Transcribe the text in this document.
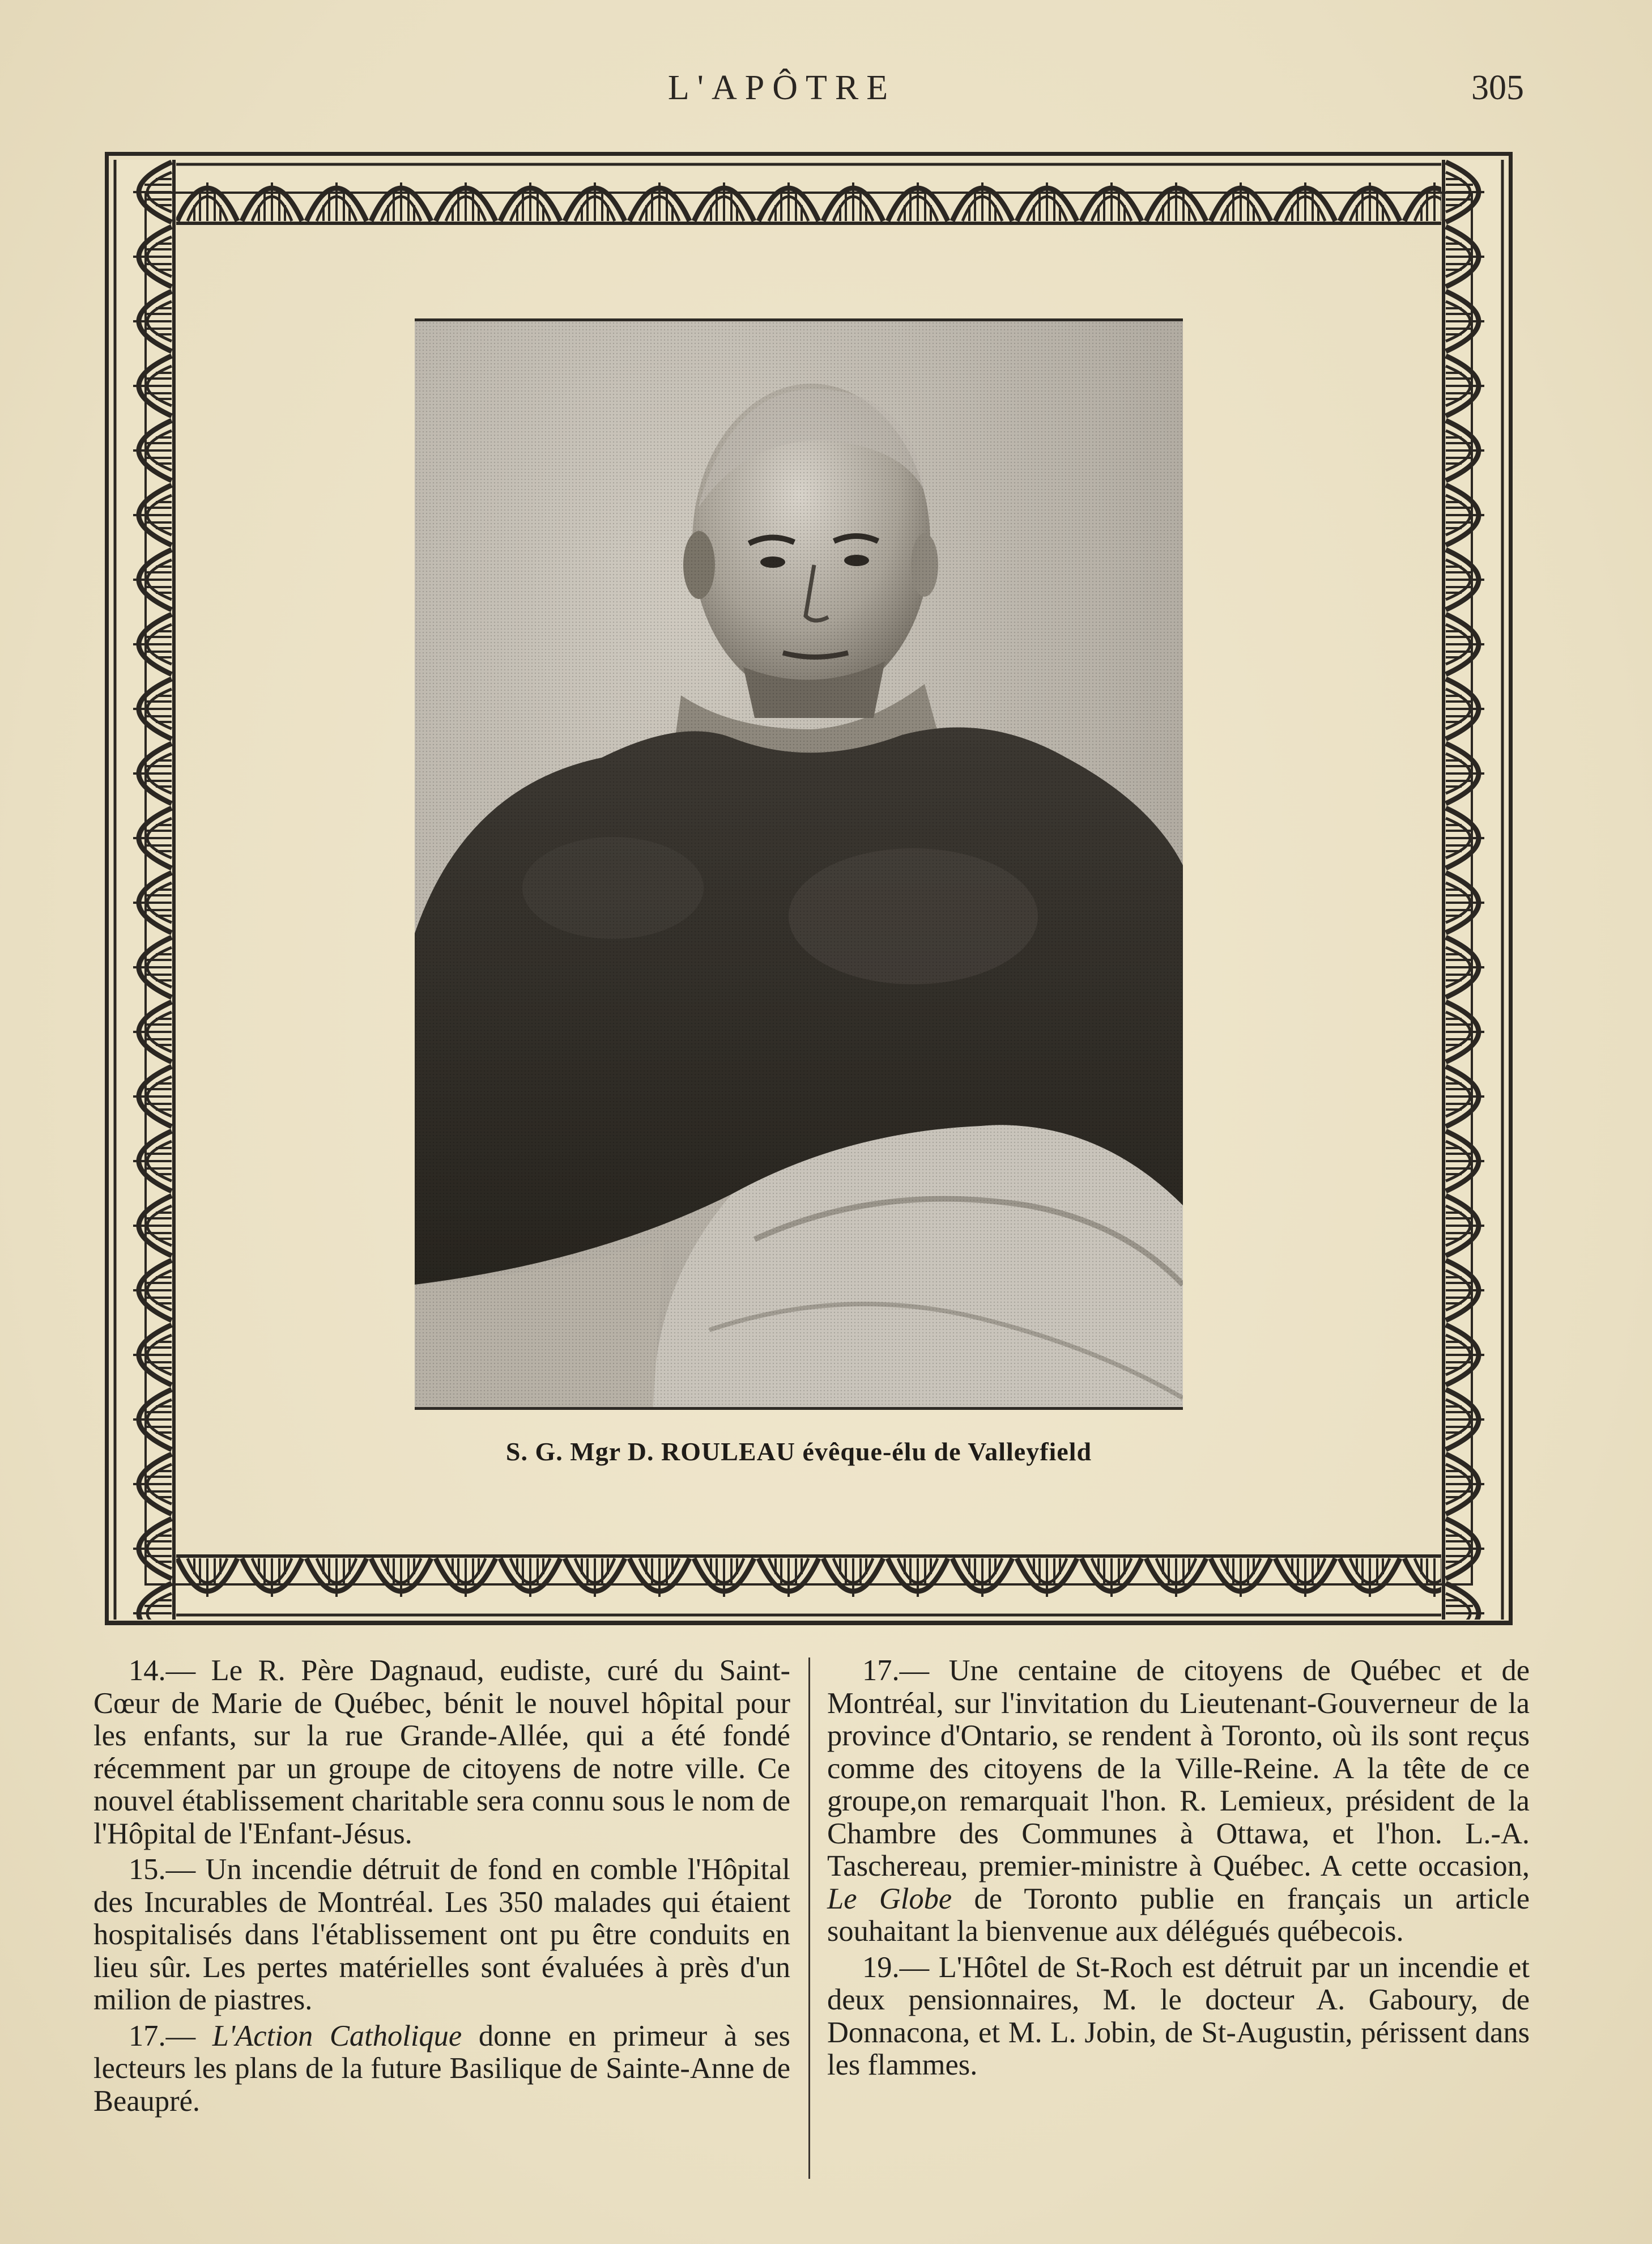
L'APÔTRE	305
S. G. Mgr D. ROULEAU évêque-élu de Valleyfield

14.— Le R. Père Dagnaud, eudiste, curé du Saint-Cœur de Marie de Québec, bénit le nouvel hôpital pour les enfants, sur la rue Grande-Allée, qui a été fondé récemment par un groupe de citoyens de notre ville. Ce nouvel établissement charitable sera connu sous le nom de l'Hôpital de l'Enfant-Jésus.

15.— Un incendie détruit de fond en comble l'Hôpital des Incurables de Montréal. Les 350 malades qui étaient hospitalisés dans l'établissement ont pu être conduits en lieu sûr. Les pertes matérielles sont évaluées à près d'un milion de piastres.

17.— L'Action Catholique donne en primeur à ses lecteurs les plans de la future Basilique de Sainte-Anne de Beaupré.

17.— Une centaine de citoyens de Québec et de Montréal, sur l'invitation du Lieutenant-Gouverneur de la province d'Ontario, se rendent à Toronto, où ils sont reçus comme des citoyens de la Ville-Reine. A la tête de ce groupe,on remarquait l'hon. R. Lemieux, président de la Chambre des Communes à Ottawa, et l'hon. L.-A. Taschereau, premier-ministre à Québec. A cette occasion, Le Globe de Toronto publie en français un article souhaitant la bienvenue aux délégués québecois.

19.— L'Hôtel de St-Roch est détruit par un incendie et deux pensionnaires, M. le docteur A. Gaboury, de Donnacona, et M. L. Jobin, de St-Augustin, périssent dans les flammes.
